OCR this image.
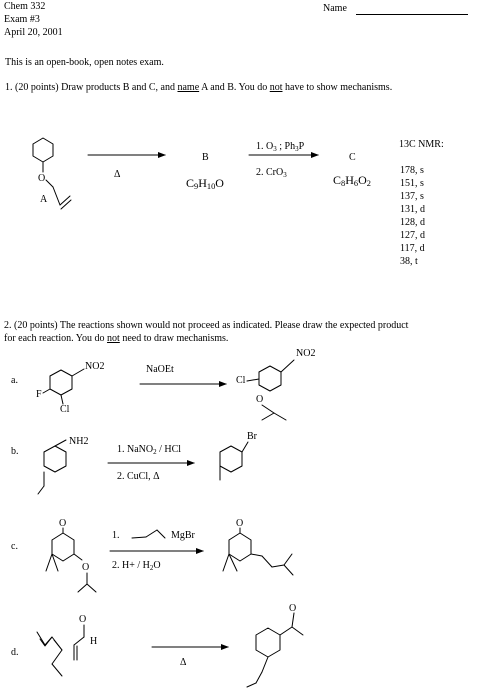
Chem 332
Exam #3
April 20, 2001
Name
This is an open-book, open notes exam.
1. (20 points) Draw products B and C, and name A and B. You do not have to show mechanisms.
A
Δ
B
$C_9H_{10}O$
1. $O_3$ ; $Ph_3P$
2. CrO$_3$
C
$C_8H_6O_2$
13C NMR:
178, s
151, s
137, s
131, d
128, d
127, d
117, d
38, t
2. (20 points) The reactions shown would not proceed as indicated. Please draw the expected product
for each reaction. You do not need to draw mechanisms.
a.
NO2
F
Cl
NaOEt
Cl
NO2
O
b.
NH2
1. NaNO$_2$ / HCl
2. CuCl, Δ
Br
c.
O
O
1.	MgBr
2. $H+ / H_2O$
O
d.
O
H
Δ
O
O
